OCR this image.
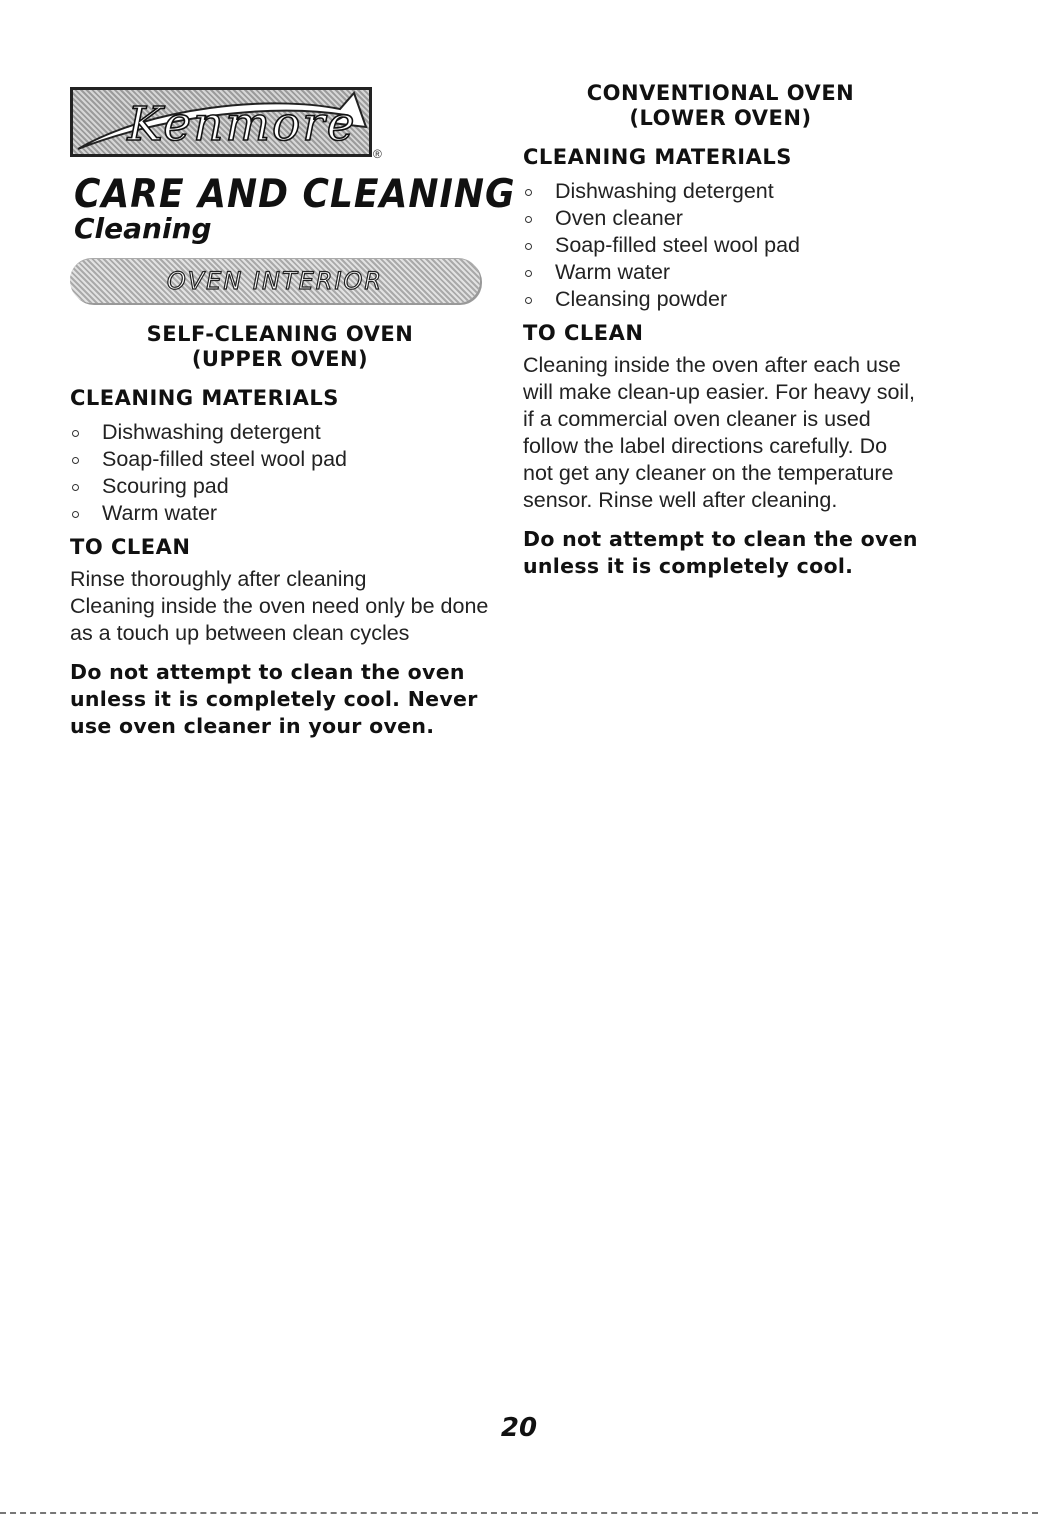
Kenmore
®
CARE AND CLEANING
Cleaning
OVEN INTERIOR
SELF-CLEANING OVEN
(UPPER OVEN)
CLEANING MATERIALS
Dishwashing detergent
Soap-filled steel wool pad
Scouring pad
Warm water
TO CLEAN
Rinse thoroughly after cleaning
Cleaning inside the oven need only be done as a touch up between clean cycles
Do not attempt to clean the oven unless it is completely cool. Never use oven cleaner in your oven.
CONVENTIONAL OVEN
(LOWER OVEN)
CLEANING MATERIALS
Dishwashing detergent
Oven cleaner
Soap-filled steel wool pad
Warm water
Cleansing powder
TO CLEAN
Cleaning inside the oven after each use will make clean-up easier. For heavy soil, if a commercial oven cleaner is used follow the label directions carefully. Do not get any cleaner on the temperature sensor. Rinse well after cleaning.
Do not attempt to clean the oven unless it is completely cool.
20
